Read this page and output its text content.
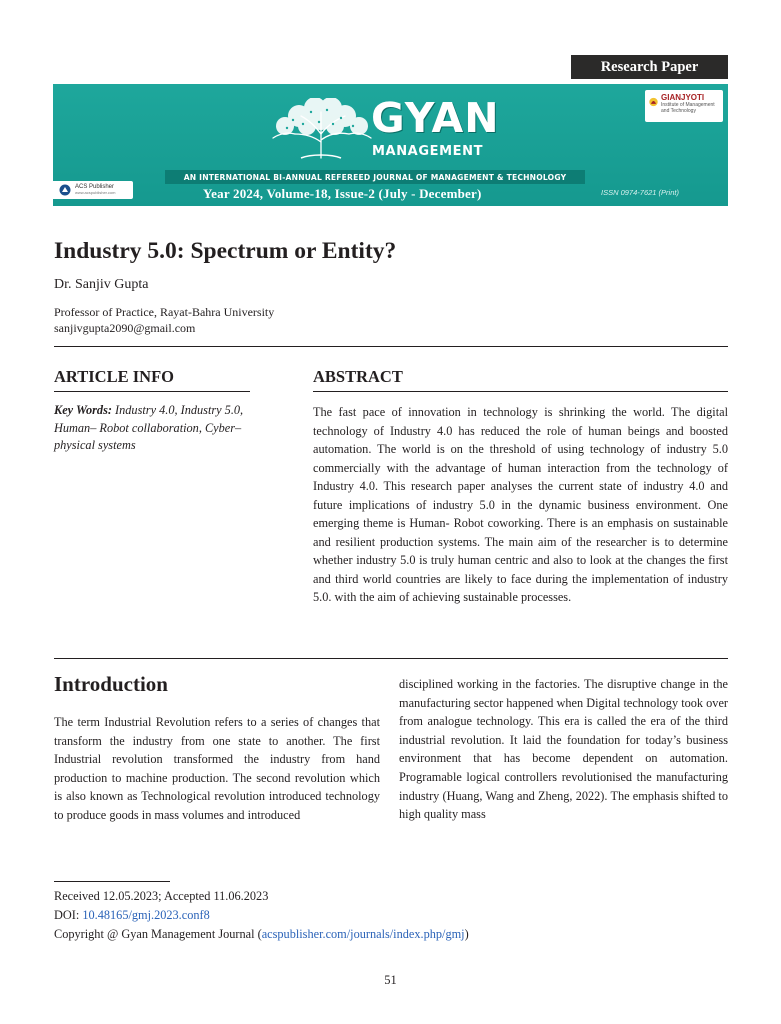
Research Paper
GYAN
MANAGEMENT
AN INTERNATIONAL BI-ANNUAL REFEREED JOURNAL OF MANAGEMENT & TECHNOLOGY
Year 2024, Volume-18, Issue-2 (July - December)	ISSN 0974-7621 (Print)
ACS Publisher
www.acspublisher.com
GIANJYOTI
Institute of Management and Technology
Industry 5.0: Spectrum or Entity?
Dr. Sanjiv Gupta
Professor of Practice, Rayat-Bahra University
sanjivgupta2090@gmail.com
ARTICLE INFO	ABSTRACT
Key Words: Industry 4.0, Industry 5.0, Human– Robot collaboration, Cyber–physical systems
The fast pace of innovation in technology is shrinking the world. The digital technology of Industry 4.0 has reduced the role of human beings and boosted automation. The world is on the threshold of using technology of industry 5.0 commercially with the advantage of human interaction from the technology of Industry 4.0. This research paper analyses the current state of industry 4.0 and future implications of industry 5.0 in the dynamic business environment. One emerging theme is Human- Robot coworking. There is an emphasis on sustainable and resilient production systems. The main aim of the researcher is to determine whether industry 5.0 is truly human centric and also to look at the changes the first and third world countries are likely to face during the implementation of industry 5.0. with the aim of achieving sustainable processes.
Introduction
The term Industrial Revolution refers to a series of changes that transform the industry from one state to another. The first Industrial revolution transformed the industry from hand production to machine production. The second revolution which is also known as Technological revolution introduced technology to produce goods in mass volumes and introduced
disciplined working in the factories. The disruptive change in the manufacturing sector happened when Digital technology took over from analogue technology. This era is called the era of the third industrial revolution. It laid the foundation for today’s business environment that has become dependent on automation. Programable logical controllers revolutionised the manufacturing industry (Huang, Wang and Zheng, 2022). The emphasis shifted to high quality mass
Received 12.05.2023; Accepted 11.06.2023
DOI: 10.48165/gmj.2023.conf8
Copyright @ Gyan Management Journal (acspublisher.com/journals/index.php/gmj)
51
